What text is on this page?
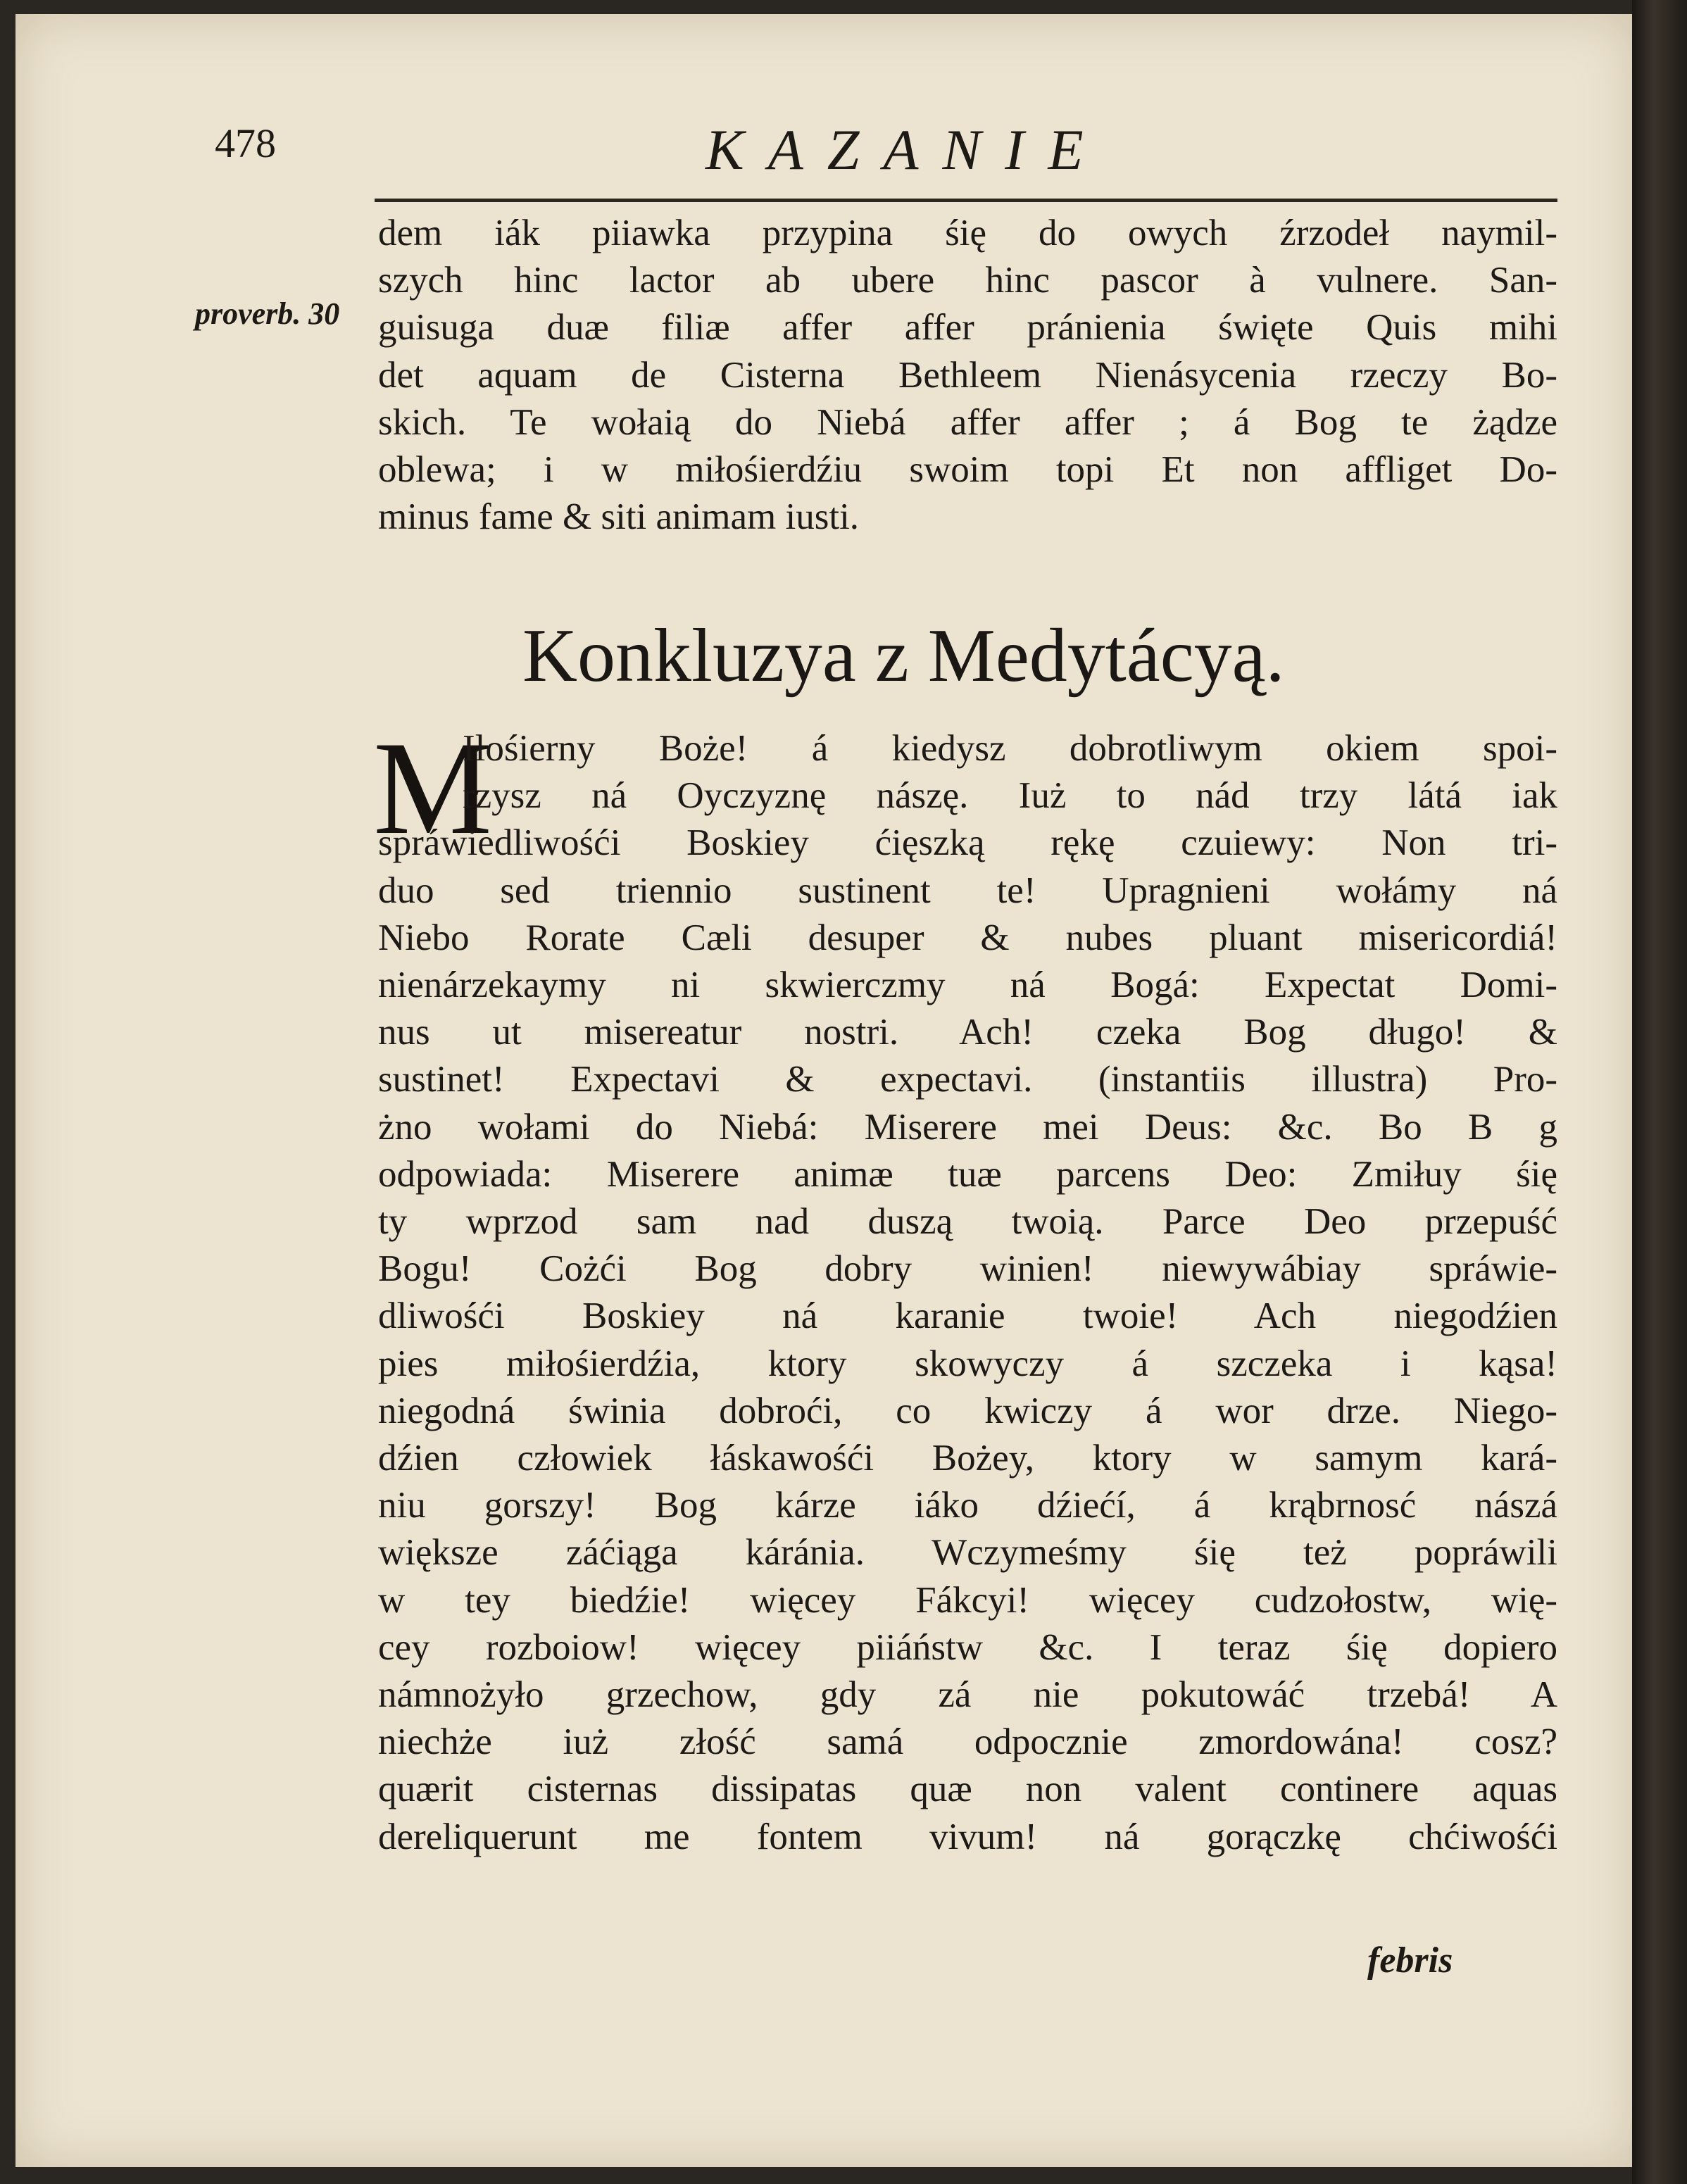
478	KAZANIE
proverb. 30
dem iák piiawka przypina śię do owych źrzodeł naymil-
szych hinc lactor ab ubere hinc pascor à vulnere. San-
guisuga duæ filiæ affer affer pránienia święte Quis mihi
det aquam de Cisterna Bethleem Nienásycenia rzeczy Bo-
skich. Te wołaią do Niebá affer affer ; á Bog te żądze
oblewa; i w miłośierdźiu swoim topi Et non affliget Do-
minus fame & siti animam iusti.
Konkluzya z Medytácyą.
M
Iłośierny Boże! á kiedysz dobrotliwym okiem spoi-
rzysz ná Oyczyznę nászę. Iuż to nád trzy látá iak
spráwiedliwośći Boskiey ćięszką rękę czuiewy: Non tri-
duo sed triennio sustinent te! Upragnieni wołámy ná
Niebo Rorate Cæli desuper & nubes pluant misericordiá!
nienárzekaymy ni skwierczmy ná Bogá: Expectat Domi-
nus ut misereatur nostri. Ach! czeka Bog długo! &
sustinet! Expectavi & expectavi. (instantiis illustra) Pro-
żno wołami do Niebá: Miserere mei Deus: &c. Bo B g
odpowiada: Miserere animæ tuæ parcens Deo: Zmiłuy śię
ty wprzod sam nad duszą twoią. Parce Deo przepuść
Bogu! Cożći Bog dobry winien! niewywábiay spráwie-
dliwośći Boskiey ná karanie twoie! Ach niegodźien
pies miłośierdźia, ktory skowyczy á szczeka i kąsa!
niegodná świnia dobroći, co kwiczy á wor drze. Niego-
dźien człowiek łáskawośći Bożey, ktory w samym kará-
niu gorszy! Bog kárze iáko dźiećí, á krąbrnosć nászá
większe záćiąga káránia. Wczymeśmy śię też popráwili
w tey biedźie! więcey Fákcyi! więcey cudzołostw, wię-
cey rozboiow! więcey piiáństw &c. I teraz śię dopiero
námnożyło grzechow, gdy zá nie pokutowáć trzebá! A
niechże iuż złość samá odpocznie zmordowána! cosz?
quærit cisternas dissipatas quæ non valent continere aquas
dereliquerunt me fontem vivum! ná gorączkę chćiwośći
febris
